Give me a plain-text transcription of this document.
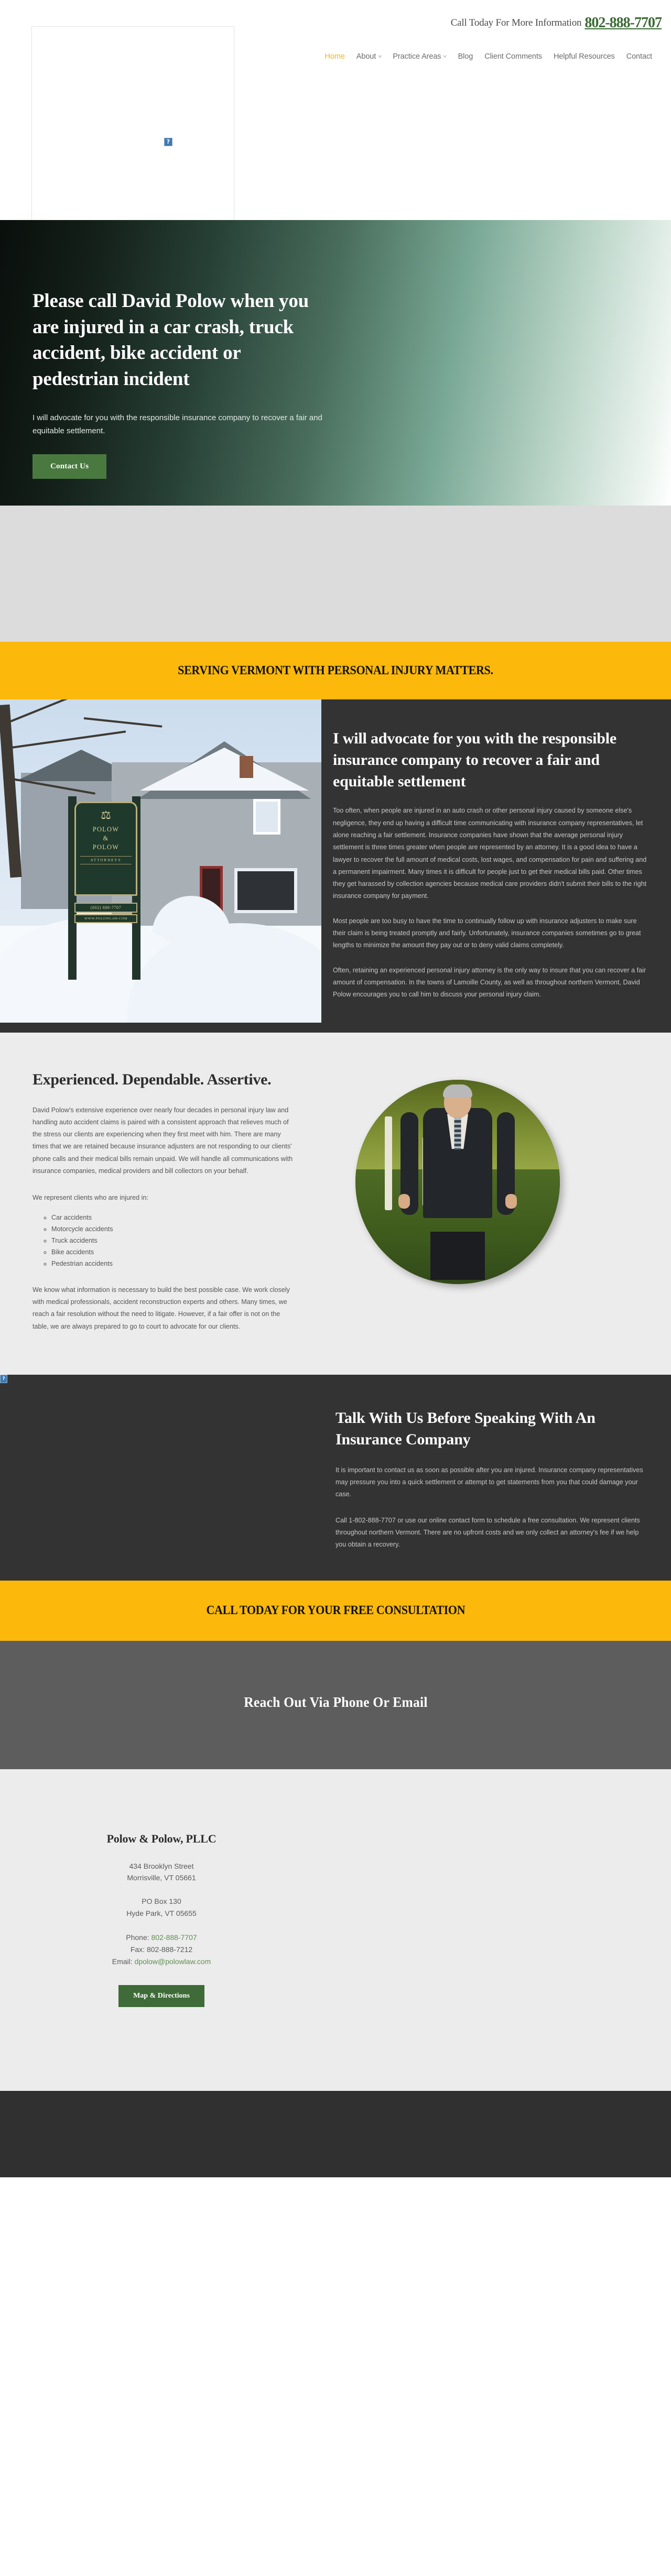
?
Call Today For More Information 802-888-7707
Home About ˅ Practice Areas ˅ Blog Client Comments Helpful Resources Contact
Please call David Polow when you are injured in a car crash, truck accident, bike accident or pedestrian incident

I will advocate for you with the responsible insurance company to recover a fair and equitable settlement.

Contact Us
SERVING VERMONT WITH PERSONAL INJURY MATTERS.
⚖
POLOW
&
POLOW
ATTORNEYS
(802) 888-7707
WWW.POLOWLAW.COM
I will advocate for you with the responsible insurance company to recover a fair and equitable settlement

Too often, when people are injured in an auto crash or other personal injury caused by someone else's negligence, they end up having a difficult time communicating with insurance company representatives, let alone reaching a fair settlement. Insurance companies have shown that the average personal injury settlement is three times greater when people are represented by an attorney. It is a good idea to have a lawyer to recover the full amount of medical costs, lost wages, and compensation for pain and suffering and a permanent impairment. Many times it is difficult for people just to get their medical bills paid. Other times they get harassed by collection agencies because medical care providers didn't submit their bills to the right insurance company for payment.

Most people are too busy to have the time to continually follow up with insurance adjusters to make sure their claim is being treated promptly and fairly. Unfortunately, insurance companies sometimes go to great lengths to minimize the amount they pay out or to deny valid claims completely.

Often, retaining an experienced personal injury attorney is the only way to insure that you can recover a fair amount of compensation. In the towns of Lamoille County, as well as throughout northern Vermont, David Polow encourages you to call him to discuss your personal injury claim.

Experienced. Dependable. Assertive.

David Polow's extensive experience over nearly four decades in personal injury law and handling auto accident claims is paired with a consistent approach that relieves much of the stress our clients are experiencing when they first meet with him. There are many times that we are retained because insurance adjusters are not responding to our clients' phone calls and their medical bills remain unpaid. We will handle all communications with insurance companies, medical providers and bill collectors on your behalf.

We represent clients who are injured in:

◦ Car accidents
◦ Motorcycle accidents
◦ Truck accidents
◦ Bike accidents
◦ Pedestrian accidents

We know what information is necessary to build the best possible case. We work closely with medical professionals, accident reconstruction experts and others. Many times, we reach a fair resolution without the need to litigate. However, if a fair offer is not on the table, we are always prepared to go to court to advocate for our clients.

?
Talk With Us Before Speaking With An Insurance Company

It is important to contact us as soon as possible after you are injured. Insurance company representatives may pressure you into a quick settlement or attempt to get statements from you that could damage your case.

Call 1-802-888-7707 or use our online contact form to schedule a free consultation. We represent clients throughout northern Vermont. There are no upfront costs and we only collect an attorney's fee if we help you obtain a recovery.

CALL TODAY FOR YOUR FREE CONSULTATION
Reach Out Via Phone Or Email
Polow & Polow, PLLC
434 Brooklyn Street
Morrisville, VT 05661
PO Box 130
Hyde Park, VT 05655
Phone: 802-888-7707
Fax: 802-888-7212
Email: dpolow@polowlaw.com
Map & Directions
